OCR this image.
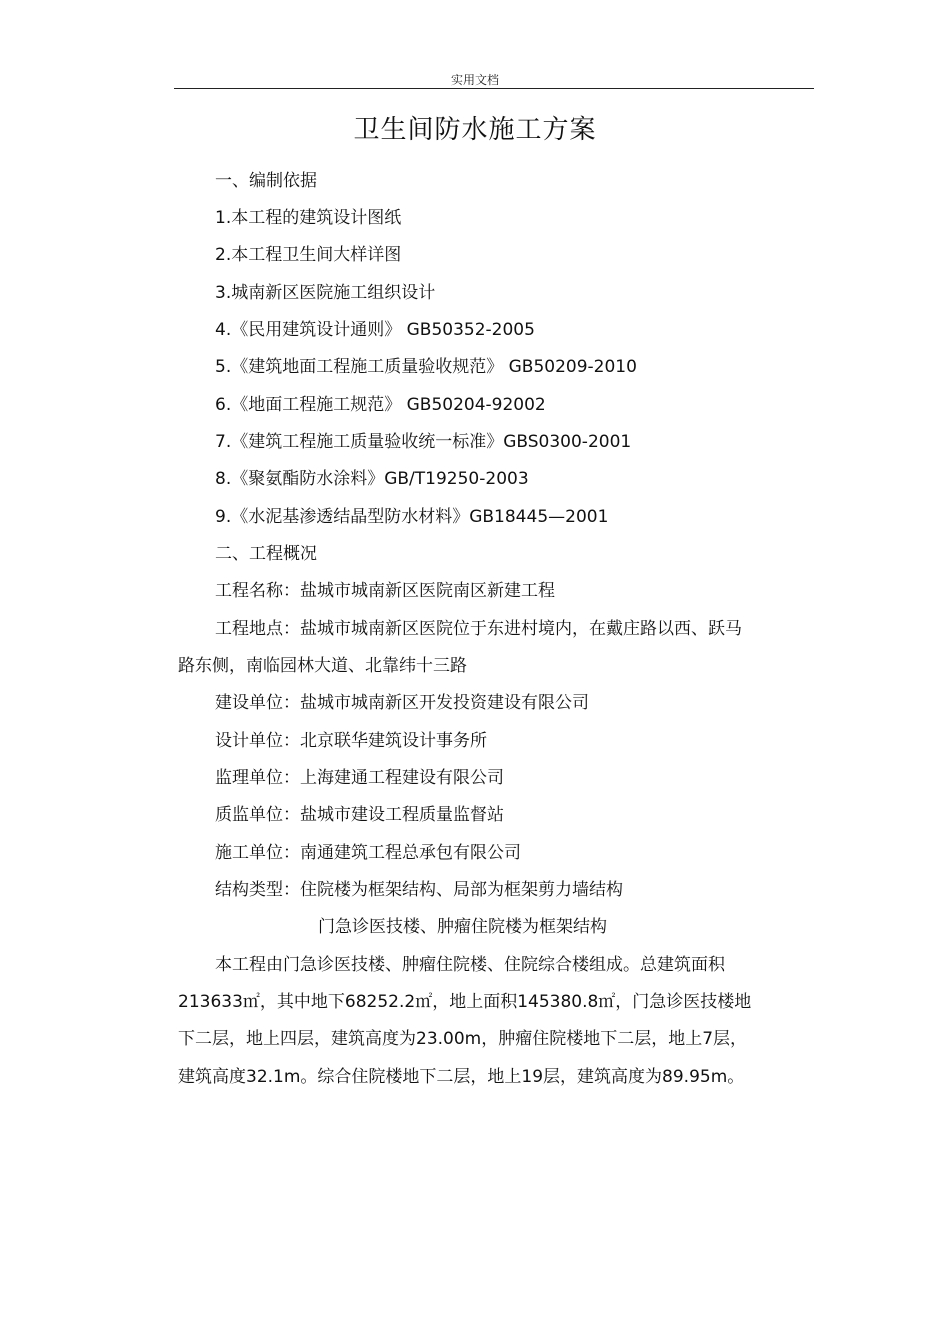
实用文档
卫生间防水施工方案
一、编制依据
1.本工程的建筑设计图纸
2.本工程卫生间大样详图
3.城南新区医院施工组织设计
4.《民用建筑设计通则》 GB50352-2005
5.《建筑地面工程施工质量验收规范》 GB50209-2010
6.《地面工程施工规范》 GB50204-92002
7.《建筑工程施工质量验收统一标准》GBS0300-2001
8.《聚氨酯防水涂料》GB/T19250-2003
9.《水泥基渗透结晶型防水材料》GB18445—2001
二、工程概况
工程名称：盐城市城南新区医院南区新建工程
工程地点：盐城市城南新区医院位于东进村境内，在戴庄路以西、跃马
路东侧，南临园林大道、北靠纬十三路
建设单位：盐城市城南新区开发投资建设有限公司
设计单位：北京联华建筑设计事务所
监理单位：上海建通工程建设有限公司
质监单位：盐城市建设工程质量监督站
施工单位：南通建筑工程总承包有限公司
结构类型：住院楼为框架结构、局部为框架剪力墙结构
门急诊医技楼、肿瘤住院楼为框架结构
本工程由门急诊医技楼、肿瘤住院楼、住院综合楼组成。总建筑面积
213633㎡，其中地下68252.2㎡，地上面积145380.8㎡，门急诊医技楼地
下二层，地上四层，建筑高度为23.00m，肿瘤住院楼地下二层，地上7层，
建筑高度32.1m。综合住院楼地下二层，地上19层，建筑高度为89.95m。
